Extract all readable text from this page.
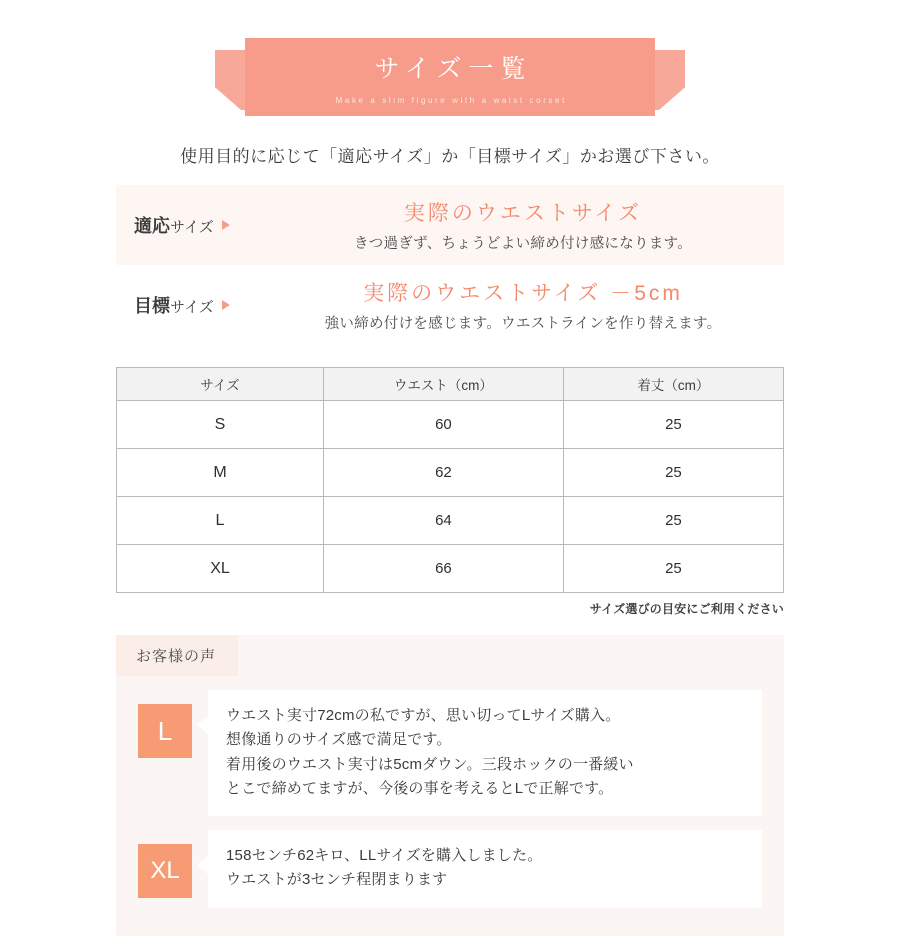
サイズ一覧
Make a slim figure with a waist corset
使用目的に応じて「適応サイズ」か「目標サイズ」かお選び下さい。
適応サイズ
実際のウエストサイズ
きつ過ぎず、ちょうどよい締め付け感になります。
目標サイズ
実際のウエストサイズ －5cm
強い締め付けを感じます。ウエストラインを作り替えます。
サイズ	ウエスト（cm）	着丈（cm）
S	60	25
M	62	25
L	64	25
XL	66	25
サイズ選びの目安にご利用ください
お客様の声
L	ウエスト実寸72cmの私ですが、思い切ってLサイズ購入。

想像通りのサイズ感で満足です。

着用後のウエスト実寸は5cmダウン。三段ホックの一番緩い

とこで締めてますが、今後の事を考えるとLで正解です。

XL

158センチ62キロ、LLサイズを購入しました。

ウエストが3センチ程閉まります
